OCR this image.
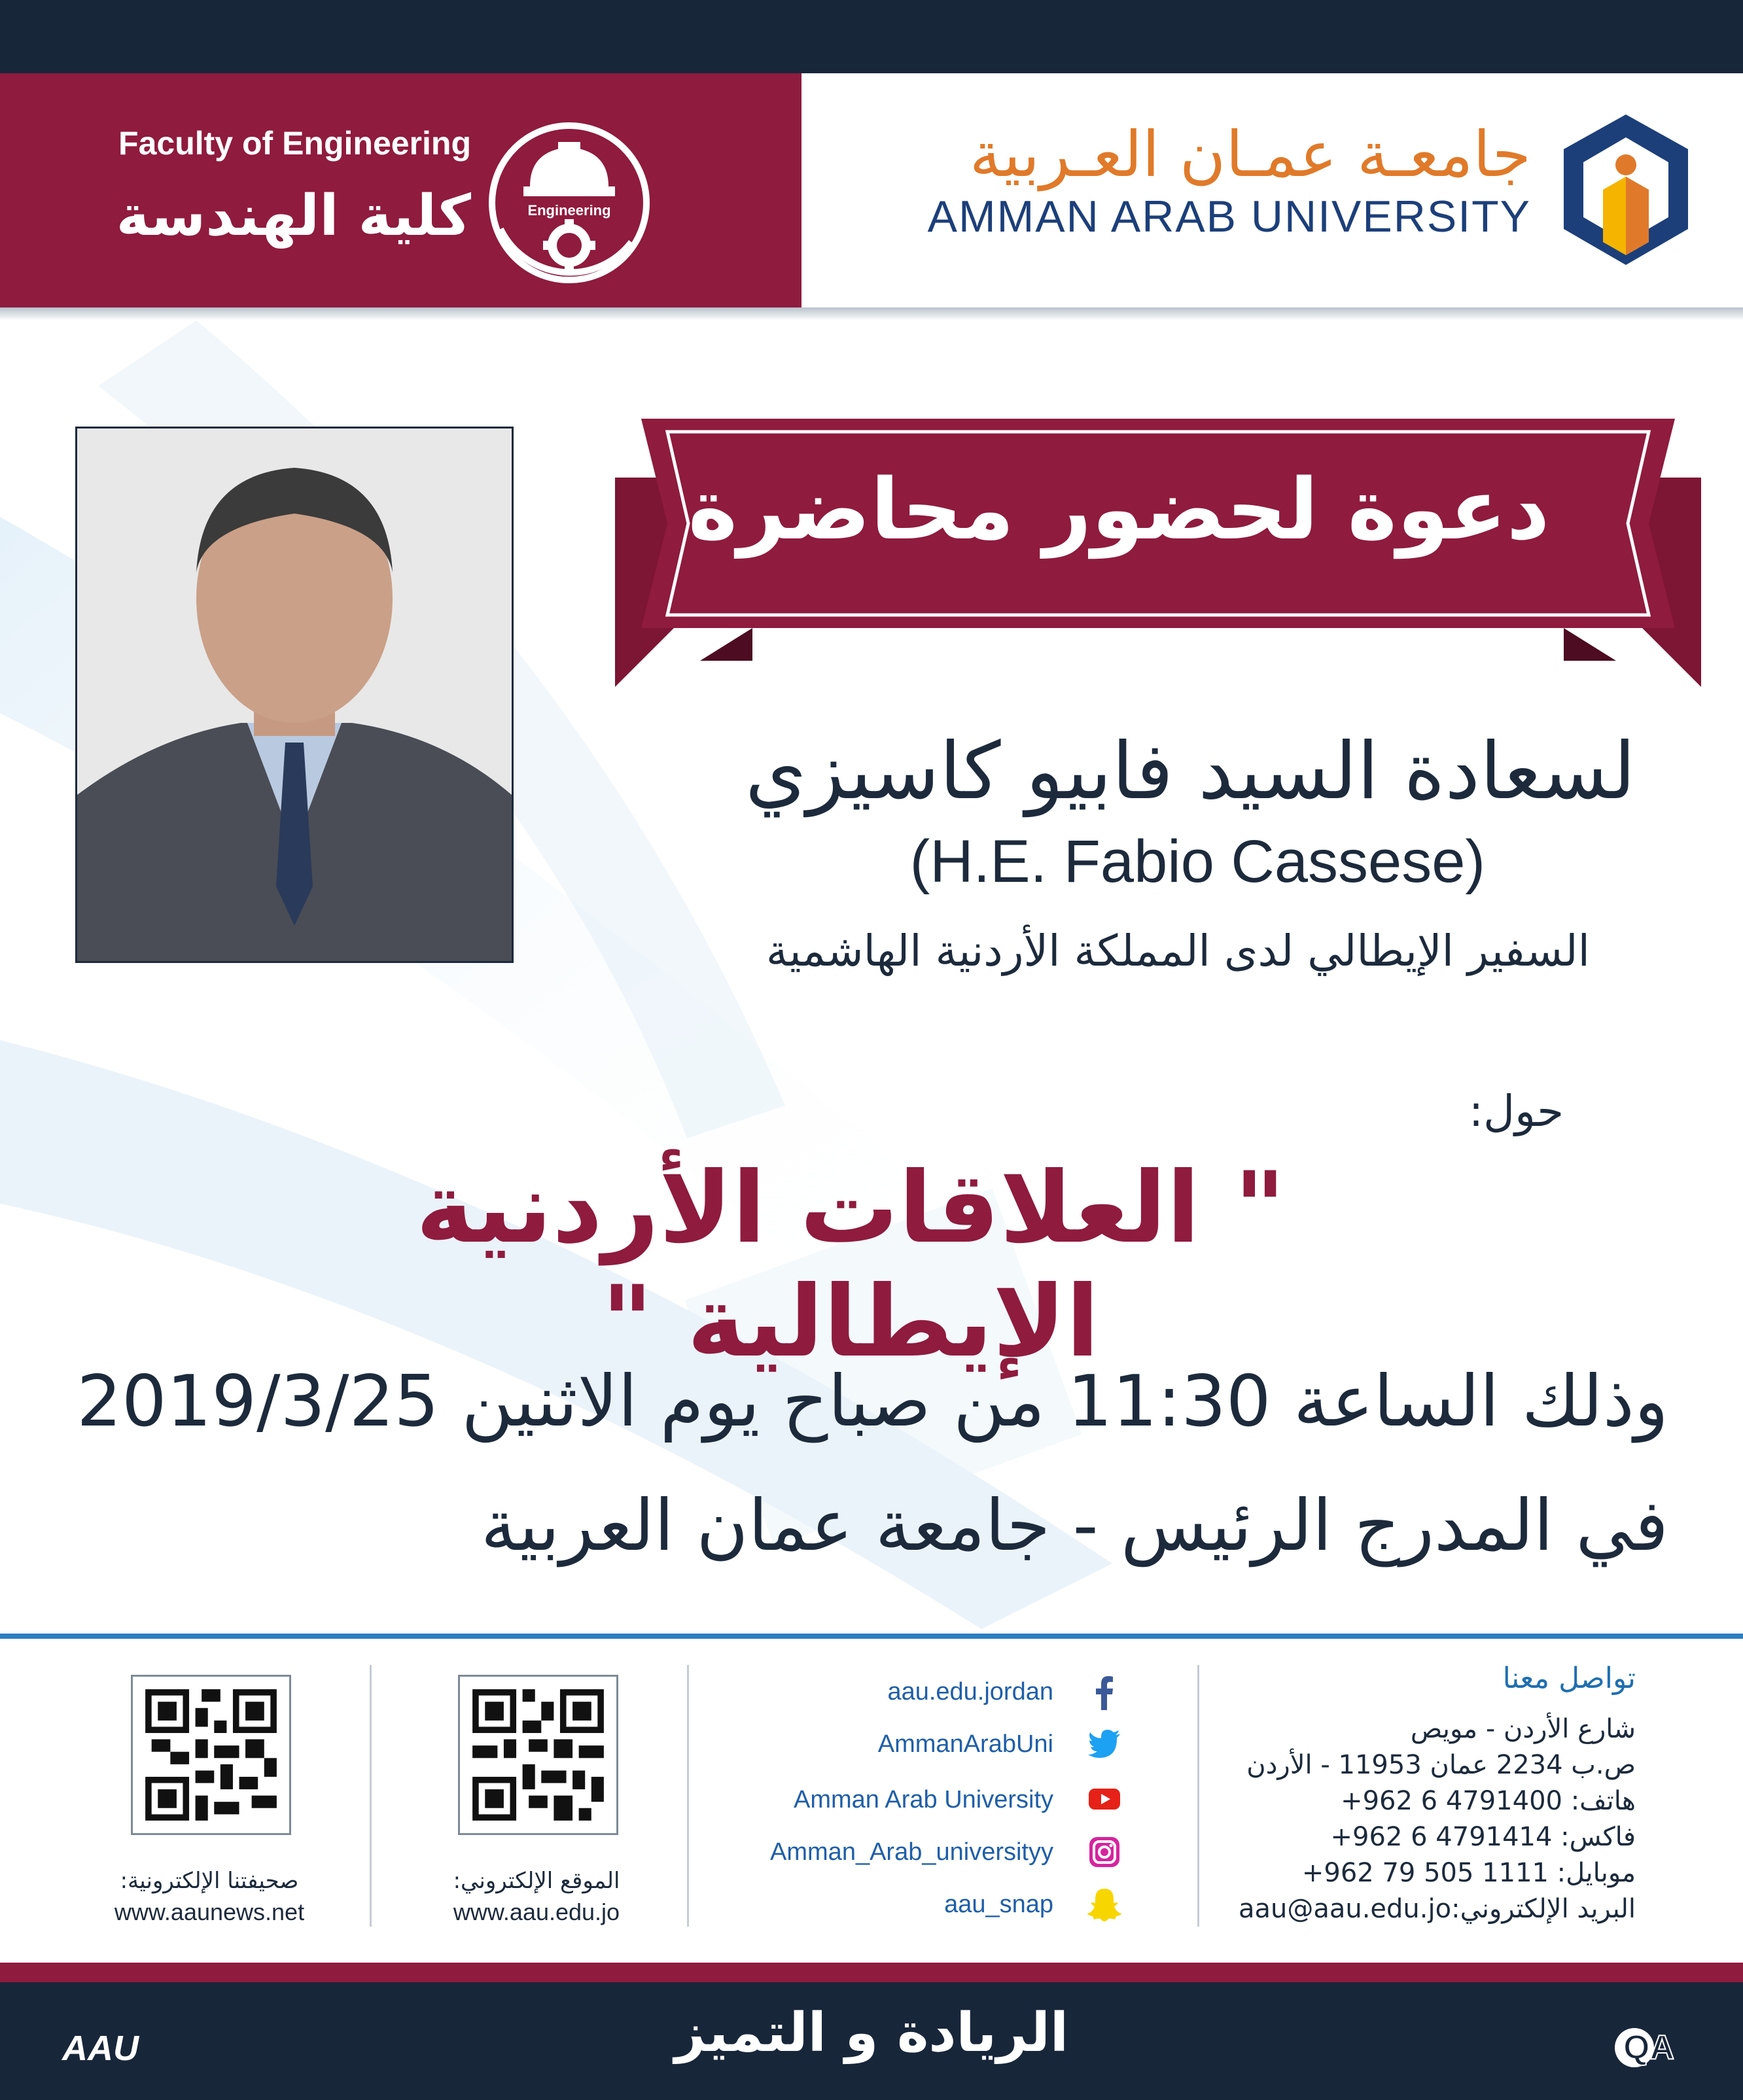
Faculty of Engineering
كلية الهندسة	Engineering
جامعـة عمـان العـربية
AMMAN ARAB UNIVERSITY
دعوة لحضور محاضرة
لسعادة السيد فابيو كاسيزي
(H.E. Fabio Cassese)
السفير الإيطالي لدى المملكة الأردنية الهاشمية
حول:
" العلاقات الأردنية الإيطالية "
وذلك الساعة 11:30 من صباح يوم الاثنين 2019/3/25
في المدرج الرئيس - جامعة عمان العربية
تواصل معنا
شارع الأردن - مويص
ص.ب 2234 عمان 11953 - الأردن
هاتف: 4791400 6 962+
فاكس: 4791414 6 962+
موبايل: 1111 505 79 962+
البريد الإلكتروني:aau@aau.edu.jo
aau.edu.jordan
AmmanArabUni
Amman Arab University
Amman_Arab_universityy
aau_snap
الموقع الإلكتروني:
www.aau.edu.jo
صحيفتنا الإلكترونية:
www.aaunews.net
الريادة و التميز
AAU	QA
